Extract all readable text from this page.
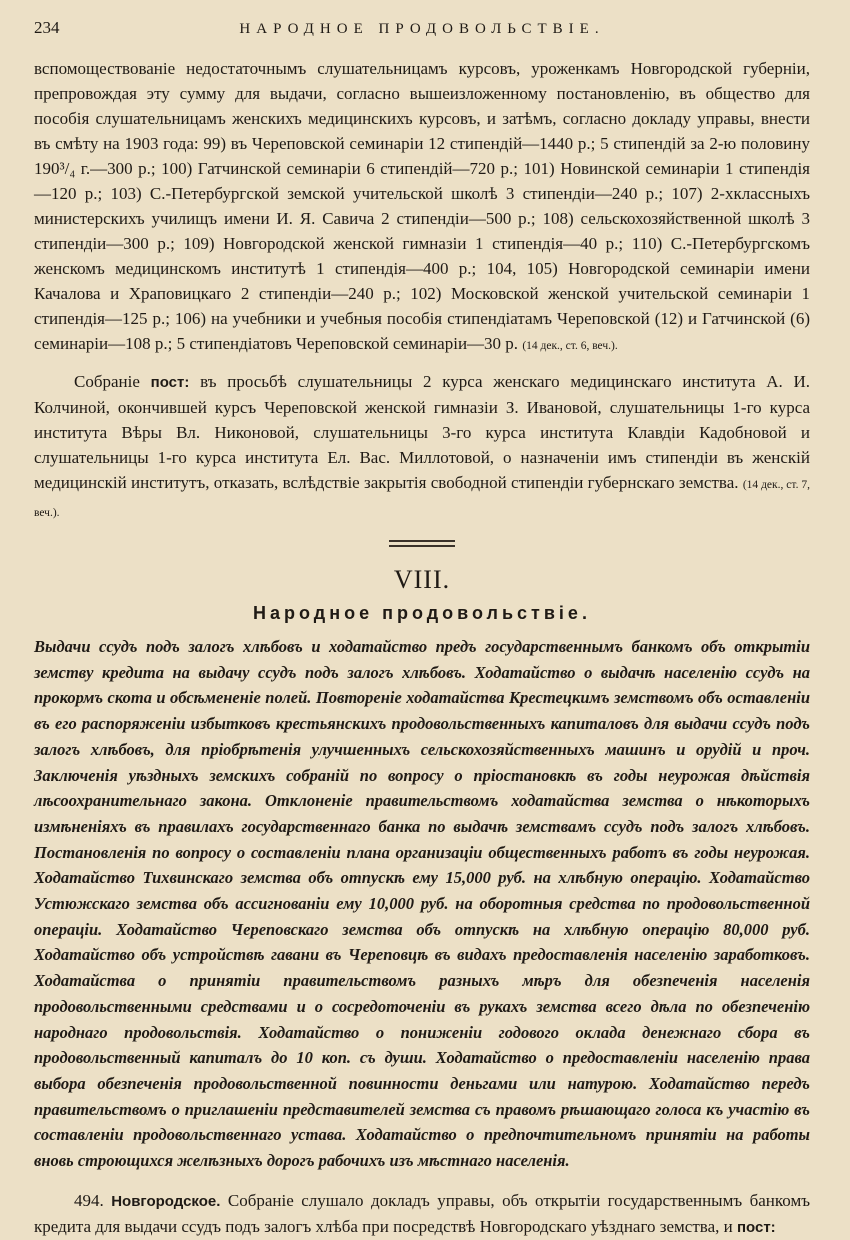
234	НАРОДНОЕ ПРОДОВОЛЬСТВІЕ.

вспомоществованіе недостаточнымъ слушательницамъ курсовъ, уроженкамъ Новгородской губерніи, препровождая эту сумму для выдачи, согласно вышеизложенному постановленію, въ общество для пособія слушательницамъ женскихъ медицинскихъ курсовъ, и затѣмъ, согласно докладу управы, внести въ смѣту на 1903 года: 99) въ Череповской семинаріи 12 стипендій—1440 р.; 5 стипендій за 2-ю половину 190³/₄ г.—300 р.; 100) Гатчинской семинаріи 6 стипендій—720 р.; 101) Новинской семинаріи 1 стипендія—120 р.; 103) С.-Петербургской земской учительской школѣ 3 стипендіи—240 р.; 107) 2-хклассныхъ министерскихъ училищъ имени И. Я. Савича 2 стипендіи—500 р.; 108) сельскохозяйственной школѣ 3 стипендіи—300 р.; 109) Новгородской женской гимназіи 1 стипендія—40 р.; 110) С.-Петербургскомъ женскомъ медицинскомъ институтѣ 1 стипендія—400 р.; 104, 105) Новгородской семинаріи имени Качалова и Храповицкаго 2 стипендіи—240 р.; 102) Московской женской учительской семинаріи 1 стипендія—125 р.; 106) на учебники и учебныя пособія стипендіатамъ Череповской (12) и Гатчинской (6) семинаріи—108 р.; 5 стипендіатовъ Череповской семинаріи—30 р. (14 дек., ст. 6, веч.).

Собраніе пост: въ просьбѣ слушательницы 2 курса женскаго медицинскаго института А. И. Колчиной, окончившей курсъ Череповской женской гимназіи З. Ивановой, слушательницы 1-го курса института Вѣры Вл. Никоновой, слушательницы 3-го курса института Клавдіи Кадобновой и слушательницы 1-го курса института Ел. Вас. Миллотовой, о назначеніи имъ стипендіи въ женскій медицинскій институтъ, отказать, вслѣдствіе закрытія свободной стипендіи губернскаго земства. (14 дек., ст. 7, веч.).

VIII.
Народное продовольствіе.

Выдачи ссудъ подъ залогъ хлѣбовъ и ходатайство предъ государственнымъ банкомъ объ открытіи земству кредита на выдачу ссудъ подъ залогъ хлѣбовъ. Ходатайство о выдачѣ населенію ссудъ на прокормъ скота и обсѣмененіе полей. Повтореніе ходатайства Крестецкимъ земствомъ объ оставленіи въ его распоряженіи избытковъ крестьянскихъ продовольственныхъ капиталовъ для выдачи ссудъ подъ залогъ хлѣбовъ, для пріобрѣтенія улучшенныхъ сельскохозяйственныхъ машинъ и орудій и проч. Заключенія уѣздныхъ земскихъ собраній по вопросу о пріостановкѣ въ годы неурожая дѣйствія лѣсоохранительнаго закона. Отклоненіе правительствомъ ходатайства земства о нѣкоторыхъ измѣненіяхъ въ правилахъ государственнаго банка по выдачѣ земствамъ ссудъ подъ залогъ хлѣбовъ. Постановленія по вопросу о составленіи плана организаціи общественныхъ работъ въ годы неурожая. Ходатайство Тихвинскаго земства объ отпускѣ ему 15,000 руб. на хлѣбную операцію. Ходатайство Устюжскаго земства объ ассигнованіи ему 10,000 руб. на оборотныя средства по продовольственной операціи. Ходатайство Череповскаго земства объ отпускѣ на хлѣбную операцію 80,000 руб. Ходатайство объ устройствѣ гавани въ Череповцѣ въ видахъ предоставленія населенію заработковъ. Ходатайства о принятіи правительствомъ разныхъ мѣръ для обезпеченія населенія продовольственными средствами и о сосредоточеніи въ рукахъ земства всего дѣла по обезпеченію народнаго продовольствія. Ходатайство о пониженіи годового оклада денежнаго сбора въ продовольственный капиталъ до 10 коп. съ души. Ходатайство о предоставленіи населенію права выбора обезпеченія продовольственной повинности деньгами или натурою. Ходатайство передъ правительствомъ о приглашеніи представителей земства съ правомъ рѣшающаго голоса къ участію въ составленіи продовольственнаго устава. Ходатайство о предпочтительномъ принятіи на работы вновь строющихся желѣзныхъ дорогъ рабочихъ изъ мѣстнаго населенія.

494. Новгородское. Собраніе слушало докладъ управы, объ открытіи государственнымъ банкомъ кредита для выдачи ссудъ подъ залогъ хлѣба при посредствѣ Новгородскаго уѣзднаго земства, и пост:
